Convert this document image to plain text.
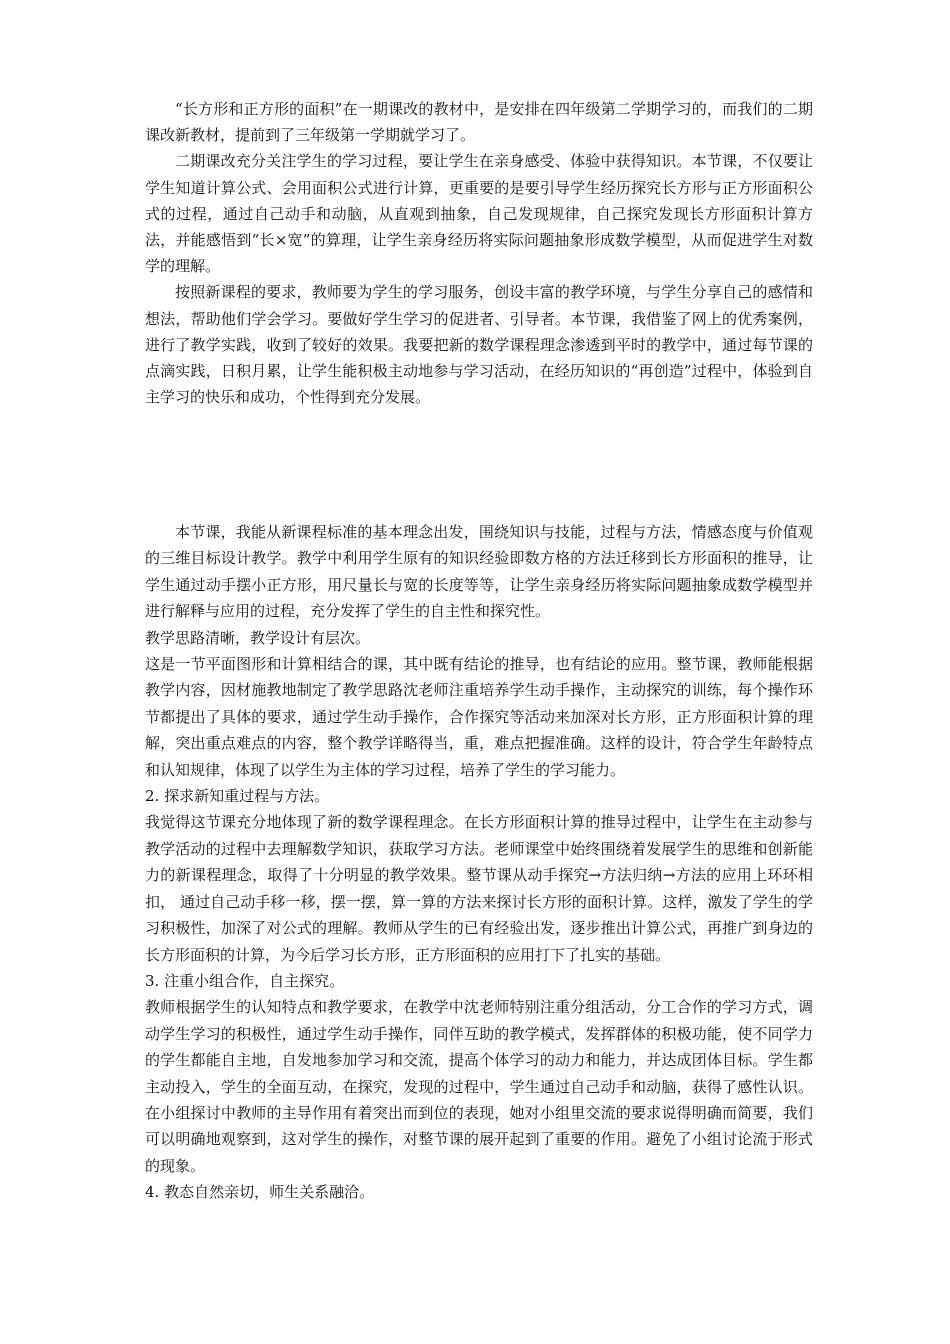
“长方形和正方形的面积”在一期课改的教材中，是安排在四年级第二学期学习的，而我们的二期课改新教材，提前到了三年级第一学期就学习了。

二期课改充分关注学生的学习过程，要让学生在亲身感受、体验中获得知识。本节课，不仅要让学生知道计算公式、会用面积公式进行计算，更重要的是要引导学生经历探究长方形与正方形面积公式的过程，通过自己动手和动脑，从直观到抽象，自己发现规律，自己探究发现长方形面积计算方法，并能感悟到“长×宽”的算理，让学生亲身经历将实际问题抽象形成数学模型，从而促进学生对数学的理解。

按照新课程的要求，教师要为学生的学习服务，创设丰富的教学环境，与学生分享自己的感情和想法，帮助他们学会学习。要做好学生学习的促进者、引导者。本节课，我借鉴了网上的优秀案例，进行了教学实践，收到了较好的效果。我要把新的数学课程理念渗透到平时的教学中，通过每节课的点滴实践，日积月累，让学生能积极主动地参与学习活动，在经历知识的“再创造”过程中，体验到自主学习的快乐和成功，个性得到充分发展。

本节课，我能从新课程标准的基本理念出发，围绕知识与技能，过程与方法，情感态度与价值观的三维目标设计教学。教学中利用学生原有的知识经验即数方格的方法迁移到长方形面积的推导，让学生通过动手摆小正方形，用尺量长与宽的长度等等，让学生亲身经历将实际问题抽象成数学模型并进行解释与应用的过程，充分发挥了学生的自主性和探究性。

教学思路清晰，教学设计有层次。

这是一节平面图形和计算相结合的课，其中既有结论的推导，也有结论的应用。整节课，教师能根据教学内容，因材施教地制定了教学思路沈老师注重培养学生动手操作，主动探究的训练，每个操作环节都提出了具体的要求，通过学生动手操作，合作探究等活动来加深对长方形，正方形面积计算的理解，突出重点难点的内容，整个教学详略得当，重，难点把握准确。这样的设计，符合学生年龄特点和认知规律，体现了以学生为主体的学习过程，培养了学生的学习能力。

2. 探求新知重过程与方法。

我觉得这节课充分地体现了新的数学课程理念。在长方形面积计算的推导过程中，让学生在主动参与教学活动的过程中去理解数学知识，获取学习方法。老师课堂中始终围绕着发展学生的思维和创新能力的新课程理念，取得了十分明显的教学效果。整节课从动手探究→方法归纳→方法的应用上环环相扣， 通过自己动手移一移，摆一摆，算一算的方法来探讨长方形的面积计算。这样，激发了学生的学习积极性，加深了对公式的理解。教师从学生的已有经验出发，逐步推出计算公式，再推广到身边的长方形面积的计算，为今后学习长方形，正方形面积的应用打下了扎实的基础。

3. 注重小组合作，自主探究。

教师根据学生的认知特点和教学要求，在教学中沈老师特别注重分组活动，分工合作的学习方式，调动学生学习的积极性，通过学生动手操作，同伴互助的教学模式，发挥群体的积极功能，使不同学力的学生都能自主地，自发地参加学习和交流，提高个体学习的动力和能力，并达成团体目标。学生都主动投入，学生的全面互动，在探究，发现的过程中，学生通过自己动手和动脑，获得了感性认识。在小组探讨中教师的主导作用有着突出而到位的表现，她对小组里交流的要求说得明确而简要，我们可以明确地观察到，这对学生的操作，对整节课的展开起到了重要的作用。避免了小组讨论流于形式的现象。

4. 教态自然亲切，师生关系融洽。
